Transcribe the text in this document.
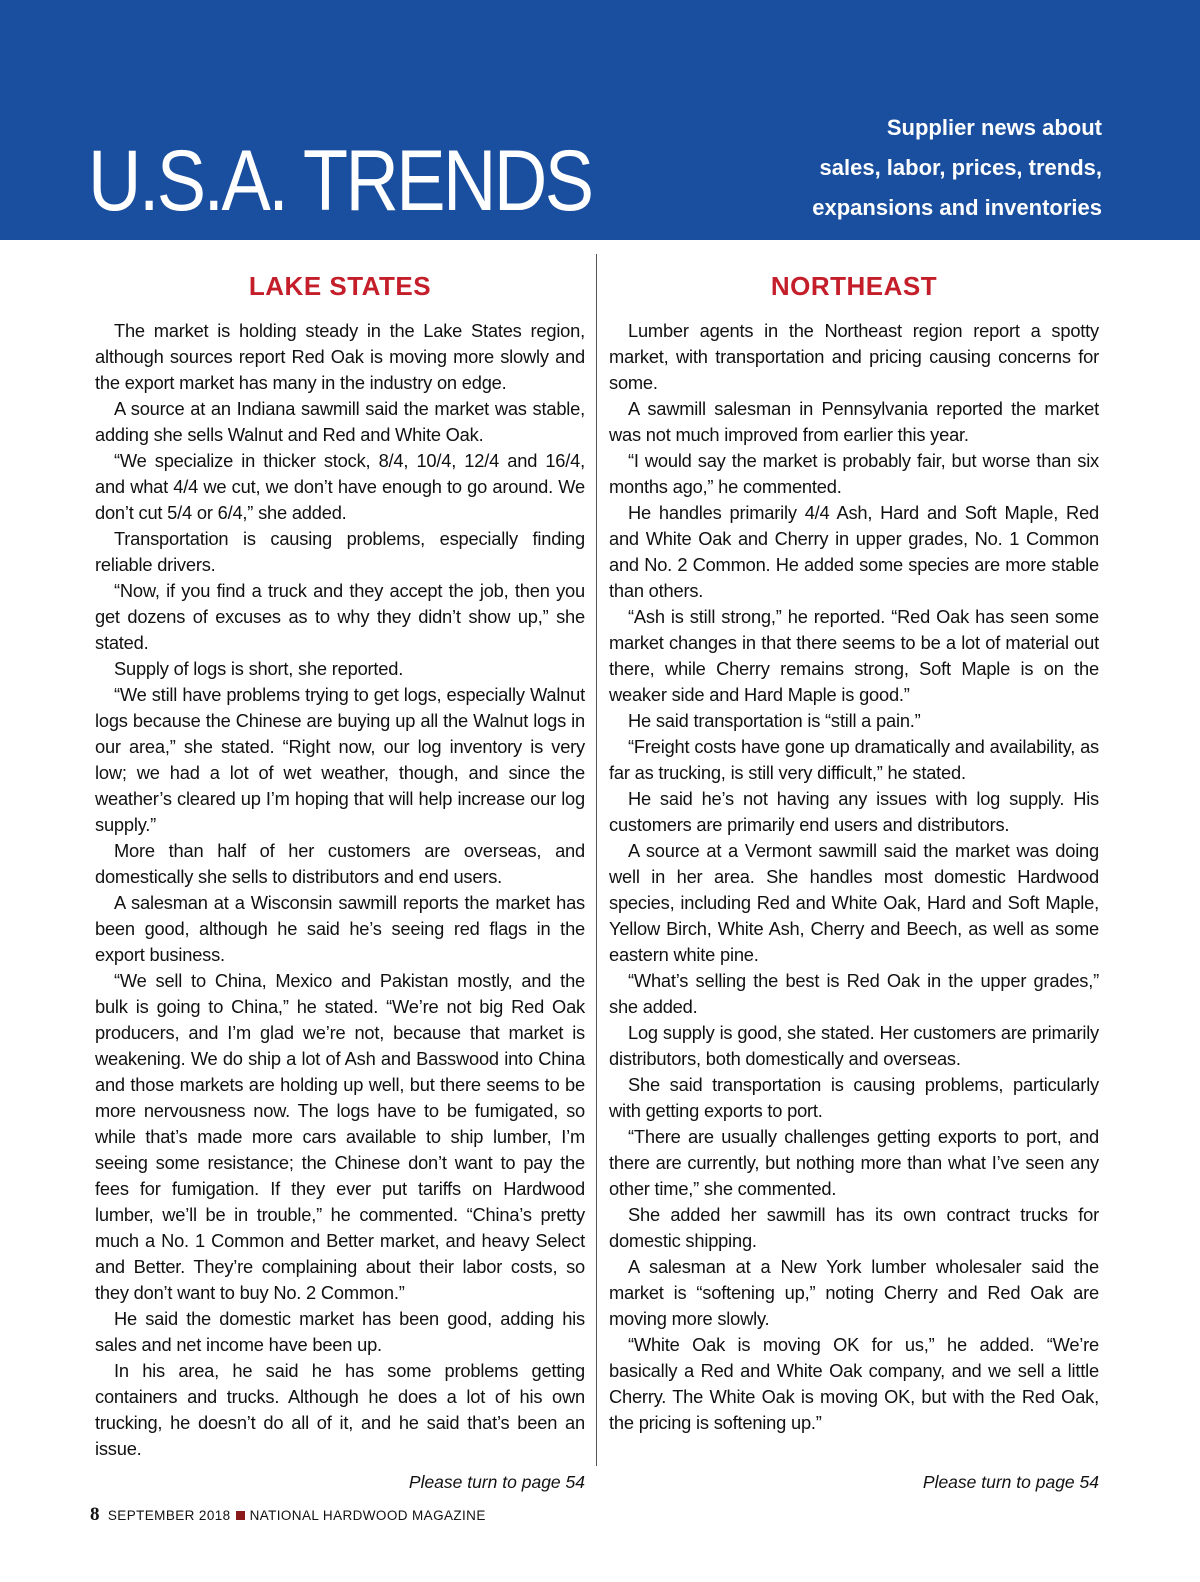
U.S.A. TRENDS
Supplier news about
sales, labor, prices, trends,
expansions and inventories
LAKE STATES

The market is holding steady in the Lake States region, although sources report Red Oak is moving more slowly and the export market has many in the industry on edge.

A source at an Indiana sawmill said the market was stable, adding she sells Walnut and Red and White Oak.

“We specialize in thicker stock, 8/4, 10/4, 12/4 and 16/4, and what 4/4 we cut, we don’t have enough to go around. We don’t cut 5/4 or 6/4,” she added.

Transportation is causing problems, especially finding reliable drivers.

“Now, if you find a truck and they accept the job, then you get dozens of excuses as to why they didn’t show up,” she stated.

Supply of logs is short, she reported.

“We still have problems trying to get logs, especially Walnut logs because the Chinese are buying up all the Walnut logs in our area,” she stated. “Right now, our log inventory is very low; we had a lot of wet weather, though, and since the weather’s cleared up I’m hoping that will help increase our log supply.”

More than half of her customers are overseas, and domestically she sells to distributors and end users.

A salesman at a Wisconsin sawmill reports the market has been good, although he said he’s seeing red flags in the export business.

“We sell to China, Mexico and Pakistan mostly, and the bulk is going to China,” he stated. “We’re not big Red Oak producers, and I’m glad we’re not, because that market is weakening. We do ship a lot of Ash and Basswood into China and those markets are holding up well, but there seems to be more nervousness now. The logs have to be fumigated, so while that’s made more cars available to ship lumber, I’m seeing some resistance; the Chinese don’t want to pay the fees for fumigation. If they ever put tariffs on Hardwood lumber, we’ll be in trouble,” he commented. “China’s pretty much a No. 1 Common and Better market, and heavy Select and Better. They’re complaining about their labor costs, so they don’t want to buy No. 2 Common.”

He said the domestic market has been good, adding his sales and net income have been up.

In his area, he said he has some problems getting containers and trucks. Although he does a lot of his own trucking, he doesn’t do all of it, and he said that’s been an issue.

NORTHEAST

Lumber agents in the Northeast region report a spotty market, with transportation and pricing causing concerns for some.

A sawmill salesman in Pennsylvania reported the market was not much improved from earlier this year.

“I would say the market is probably fair, but worse than six months ago,” he commented.

He handles primarily 4/4 Ash, Hard and Soft Maple, Red and White Oak and Cherry in upper grades, No. 1 Common and No. 2 Common. He added some species are more stable than others.

“Ash is still strong,” he reported. “Red Oak has seen some market changes in that there seems to be a lot of material out there, while Cherry remains strong, Soft Maple is on the weaker side and Hard Maple is good.”

He said transportation is “still a pain.”

“Freight costs have gone up dramatically and availability, as far as trucking, is still very difficult,” he stated.

He said he’s not having any issues with log supply. His customers are primarily end users and distributors.

A source at a Vermont sawmill said the market was doing well in her area. She handles most domestic Hardwood species, including Red and White Oak, Hard and Soft Maple, Yellow Birch, White Ash, Cherry and Beech, as well as some eastern white pine.

“What’s selling the best is Red Oak in the upper grades,” she added.

Log supply is good, she stated. Her customers are primarily distributors, both domestically and overseas.

She said transportation is causing problems, particularly with getting exports to port.

“There are usually challenges getting exports to port, and there are currently, but nothing more than what I’ve seen any other time,” she commented.

She added her sawmill has its own contract trucks for domestic shipping.

A salesman at a New York lumber wholesaler said the market is “softening up,” noting Cherry and Red Oak are moving more slowly.

“White Oak is moving OK for us,” he added. “We’re basically a Red and White Oak company, and we sell a little Cherry. The White Oak is moving OK, but with the Red Oak, the pricing is softening up.”

Please turn to page 54	Please turn to page 54
8 SEPTEMBER 2018 NATIONAL HARDWOOD MAGAZINE
